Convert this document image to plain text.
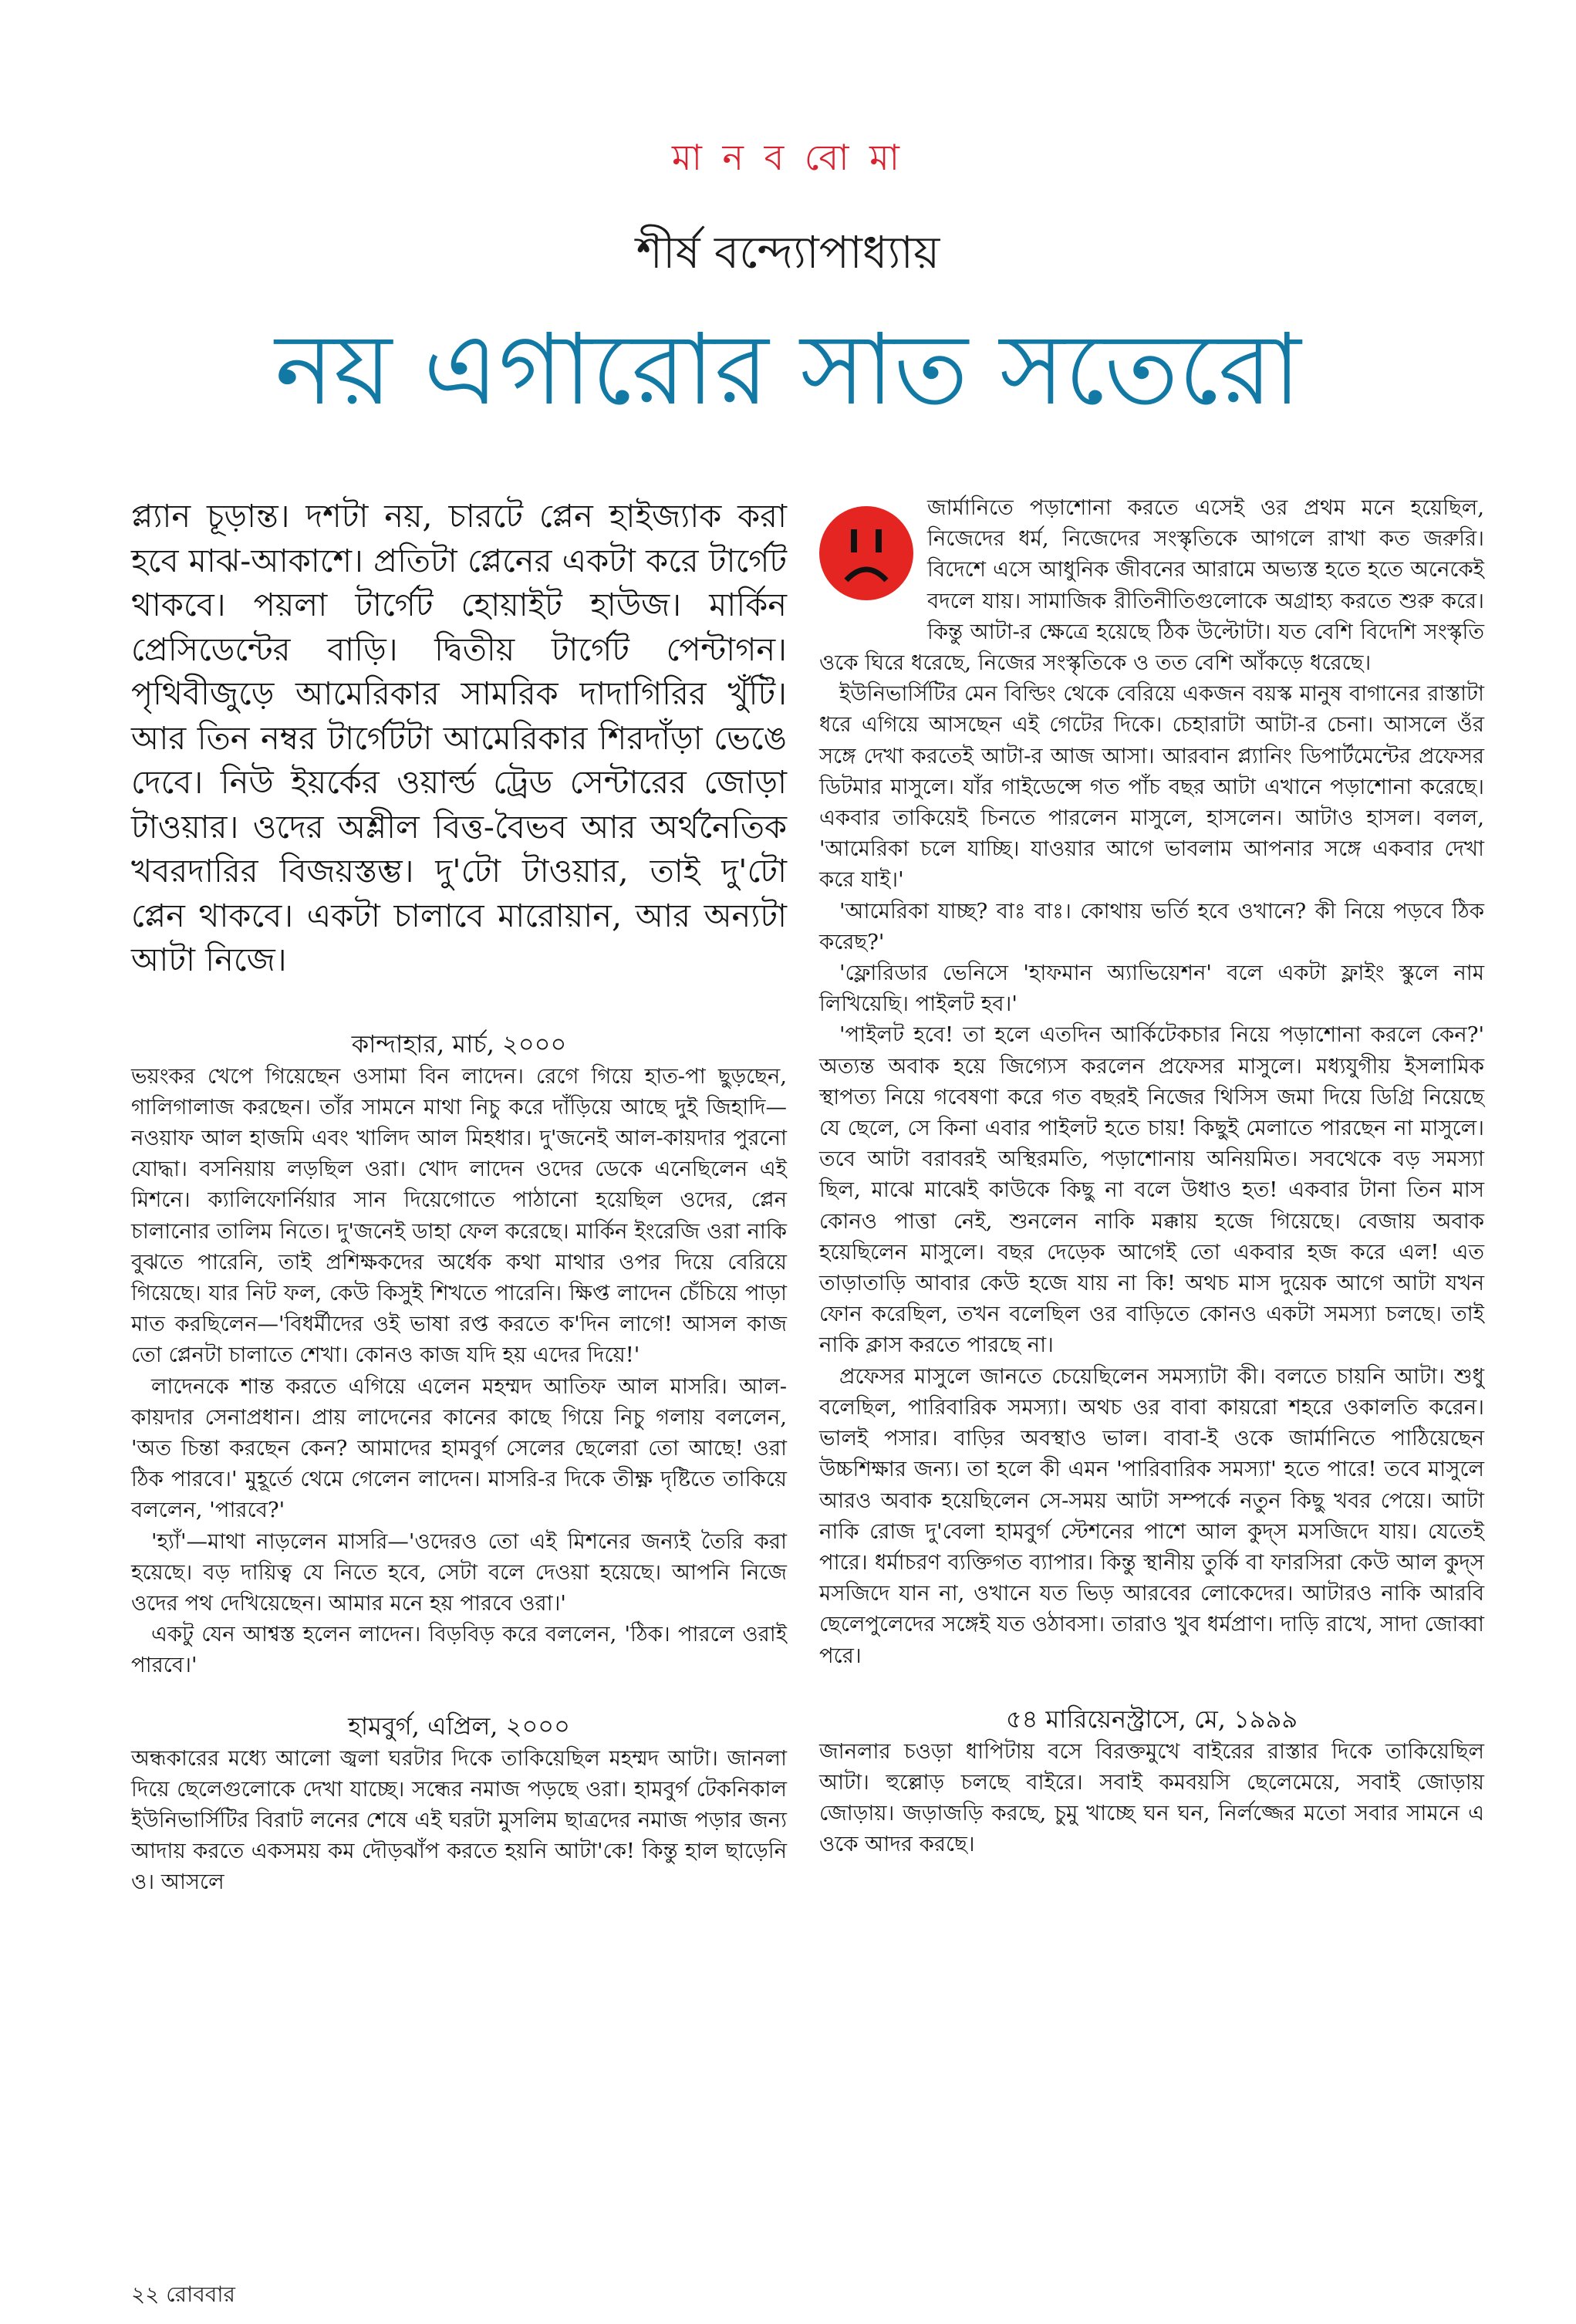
মা ন ব বো মা
শীর্ষ বন্দ্যোপাধ্যায়
নয় এগারোর সাত সতেরো

প্ল্যান চূড়ান্ত। দশটা নয়, চারটে প্লেন হাইজ্যাক করা হবে মাঝ-আকাশে। প্রতিটা প্লেনের একটা করে টার্গেট থাকবে। পয়লা টার্গেট হোয়াইট হাউজ। মার্কিন প্রেসিডেন্টের বাড়ি। দ্বিতীয় টার্গেট পেন্টাগন। পৃথিবীজুড়ে আমেরিকার সামরিক দাদাগিরির খুঁটি। আর তিন নম্বর টার্গেটটা আমেরিকার শিরদাঁড়া ভেঙে দেবে। নিউ ইয়র্কের ওয়ার্ল্ড ট্রেড সেন্টারের জোড়া টাওয়ার। ওদের অশ্লীল বিত্ত-বৈভব আর অর্থনৈতিক খবরদারির বিজয়স্তম্ভ। দু'টো টাওয়ার, তাই দু'টো প্লেন থাকবে। একটা চালাবে মারোয়ান, আর অন্যটা আটা নিজে।

কান্দাহার, মার্চ, ২০০০

ভয়ংকর খেপে গিয়েছেন ওসামা বিন লাদেন। রেগে গিয়ে হাত-পা ছুড়ছেন, গালিগালাজ করছেন। তাঁর সামনে মাথা নিচু করে দাঁড়িয়ে আছে দুই জিহাদি—নওয়াফ আল হাজমি এবং খালিদ আল মিহধার। দু'জনেই আল-কায়দার পুরনো যোদ্ধা। বসনিয়ায় লড়ছিল ওরা। খোদ লাদেন ওদের ডেকে এনেছিলেন এই মিশনে। ক্যালিফোর্নিয়ার সান দিয়েগোতে পাঠানো হয়েছিল ওদের, প্লেন চালানোর তালিম নিতে। দু'জনেই ডাহা ফেল করেছে। মার্কিন ইংরেজি ওরা নাকি বুঝতে পারেনি, তাই প্রশিক্ষকদের অর্ধেক কথা মাথার ওপর দিয়ে বেরিয়ে গিয়েছে। যার নিট ফল, কেউ কিসুই শিখতে পারেনি। ক্ষিপ্ত লাদেন চেঁচিয়ে পাড়া মাত করছিলেন—'বিধর্মীদের ওই ভাষা রপ্ত করতে ক'দিন লাগে! আসল কাজ তো প্লেনটা চালাতে শেখা। কোনও কাজ যদি হয় এদের দিয়ে!'

লাদেনকে শান্ত করতে এগিয়ে এলেন মহম্মদ আতিফ আল মাসরি। আল-কায়দার সেনাপ্রধান। প্রায় লাদেনের কানের কাছে গিয়ে নিচু গলায় বললেন, 'অত চিন্তা করছেন কেন? আমাদের হামবুর্গ সেলের ছেলেরা তো আছে! ওরা ঠিক পারবে।' মুহূর্তে থেমে গেলেন লাদেন। মাসরি-র দিকে তীক্ষ্ণ দৃষ্টিতে তাকিয়ে বললেন, 'পারবে?'

'হ্যাঁ'—মাথা নাড়লেন মাসরি—'ওদেরও তো এই মিশনের জন্যই তৈরি করা হয়েছে। বড় দায়িত্ব যে নিতে হবে, সেটা বলে দেওয়া হয়েছে। আপনি নিজে ওদের পথ দেখিয়েছেন। আমার মনে হয় পারবে ওরা।'

একটু যেন আশ্বস্ত হলেন লাদেন। বিড়বিড় করে বললেন, 'ঠিক। পারলে ওরাই পারবে।'

হামবুর্গ, এপ্রিল, ২০০০

অন্ধকারের মধ্যে আলো জ্বলা ঘরটার দিকে তাকিয়েছিল মহম্মদ আটা। জানলা দিয়ে ছেলেগুলোকে দেখা যাচ্ছে। সন্ধের নমাজ পড়ছে ওরা। হামবুর্গ টেকনিকাল ইউনিভার্সিটির বিরাট লনের শেষে এই ঘরটা মুসলিম ছাত্রদের নমাজ পড়ার জন্য আদায় করতে একসময় কম দৌড়ঝাঁপ করতে হয়নি আটা'কে! কিন্তু হাল ছাড়েনি ও। আসলে

জার্মানিতে পড়াশোনা করতে এসেই ওর প্রথম মনে হয়েছিল, নিজেদের ধর্ম, নিজেদের সংস্কৃতিকে আগলে রাখা কত জরুরি। বিদেশে এসে আধুনিক জীবনের আরামে অভ্যস্ত হতে হতে অনেকেই বদলে যায়। সামাজিক রীতিনীতিগুলোকে অগ্রাহ্য করতে শুরু করে। কিন্তু আটা-র ক্ষেত্রে হয়েছে ঠিক উল্টোটা। যত বেশি বিদেশি সংস্কৃতি ওকে ঘিরে ধরেছে, নিজের সংস্কৃতিকে ও তত বেশি আঁকড়ে ধরেছে।

ইউনিভার্সিটির মেন বিল্ডিং থেকে বেরিয়ে একজন বয়স্ক মানুষ বাগানের রাস্তাটা ধরে এগিয়ে আসছেন এই গেটের দিকে। চেহারাটা আটা-র চেনা। আসলে ওঁর সঙ্গে দেখা করতেই আটা-র আজ আসা। আরবান প্ল্যানিং ডিপার্টমেন্টের প্রফেসর ডিটমার মাসুলে। যাঁর গাইডেন্সে গত পাঁচ বছর আটা এখানে পড়াশোনা করেছে। একবার তাকিয়েই চিনতে পারলেন মাসুলে, হাসলেন। আটাও হাসল। বলল, 'আমেরিকা চলে যাচ্ছি। যাওয়ার আগে ভাবলাম আপনার সঙ্গে একবার দেখা করে যাই।'

'আমেরিকা যাচ্ছ? বাঃ বাঃ। কোথায় ভর্তি হবে ওখানে? কী নিয়ে পড়বে ঠিক করেছ?'

'ফ্লোরিডার ভেনিসে 'হাফমান অ্যাভিয়েশন' বলে একটা ফ্লাইং স্কুলে নাম লিখিয়েছি। পাইলট হব।'

'পাইলট হবে! তা হলে এতদিন আর্কিটেকচার নিয়ে পড়াশোনা করলে কেন?' অত্যন্ত অবাক হয়ে জিগ্যেস করলেন প্রফেসর মাসুলে। মধ্যযুগীয় ইসলামিক স্থাপত্য নিয়ে গবেষণা করে গত বছরই নিজের থিসিস জমা দিয়ে ডিগ্রি নিয়েছে যে ছেলে, সে কিনা এবার পাইলট হতে চায়! কিছুই মেলাতে পারছেন না মাসুলে। তবে আটা বরাবরই অস্থিরমতি, পড়াশোনায় অনিয়মিত। সবথেকে বড় সমস্যা ছিল, মাঝে মাঝেই কাউকে কিছু না বলে উধাও হত! একবার টানা তিন মাস কোনও পাত্তা নেই, শুনলেন নাকি মক্কায় হজে গিয়েছে। বেজায় অবাক হয়েছিলেন মাসুলে। বছর দেড়েক আগেই তো একবার হজ করে এল! এত তাড়াতাড়ি আবার কেউ হজে যায় না কি! অথচ মাস দুয়েক আগে আটা যখন ফোন করেছিল, তখন বলেছিল ওর বাড়িতে কোনও একটা সমস্যা চলছে। তাই নাকি ক্লাস করতে পারছে না।

প্রফেসর মাসুলে জানতে চেয়েছিলেন সমস্যাটা কী। বলতে চায়নি আটা। শুধু বলেছিল, পারিবারিক সমস্যা। অথচ ওর বাবা কায়রো শহরে ওকালতি করেন। ভালই পসার। বাড়ির অবস্থাও ভাল। বাবা-ই ওকে জার্মানিতে পাঠিয়েছেন উচ্চশিক্ষার জন্য। তা হলে কী এমন 'পারিবারিক সমস্যা' হতে পারে! তবে মাসুলে আরও অবাক হয়েছিলেন সে-সময় আটা সম্পর্কে নতুন কিছু খবর পেয়ে। আটা নাকি রোজ দু'বেলা হামবুর্গ স্টেশনের পাশে আল কুদ্স মসজিদে যায়। যেতেই পারে। ধর্মাচরণ ব্যক্তিগত ব্যাপার। কিন্তু স্থানীয় তুর্কি বা ফারসিরা কেউ আল কুদ্স মসজিদে যান না, ওখানে যত ভিড় আরবের লোকেদের। আটারও নাকি আরবি ছেলেপুলেদের সঙ্গেই যত ওঠাবসা। তারাও খুব ধর্মপ্রাণ। দাড়ি রাখে, সাদা জোব্বা পরে।

৫৪ মারিয়েনস্ট্রাসে, মে, ১৯৯৯

জানলার চওড়া ধাপিটায় বসে বিরক্তমুখে বাইরের রাস্তার দিকে তাকিয়েছিল আটা। হুল্লোড় চলছে বাইরে। সবাই কমবয়সি ছেলেমেয়ে, সবাই জোড়ায় জোড়ায়। জড়াজড়ি করছে, চুমু খাচ্ছে ঘন ঘন, নির্লজ্জের মতো সবার সামনে এ ওকে আদর করছে।

২২ রোববার
